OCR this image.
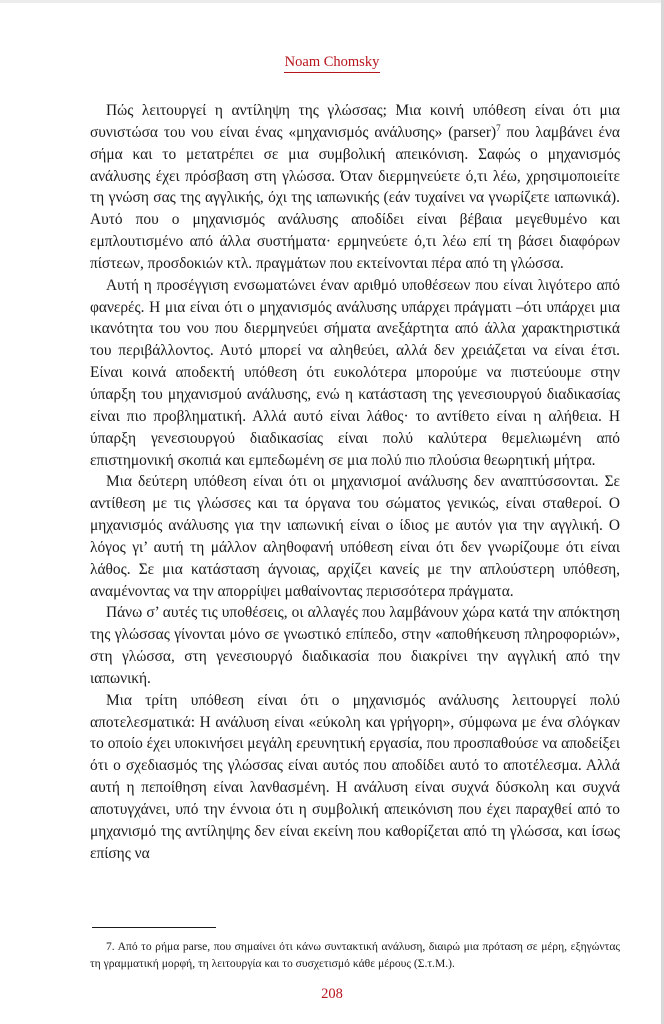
Noam Chomsky

Πώς λειτουργεί η αντίληψη της γλώσσας; Μια κοινή υπόθεση είναι ότι μια συνιστώσα του νου είναι ένας «μηχανισμός ανάλυσης» (parser)$^7$ που λαμβάνει ένα σήμα και το μετατρέπει σε μια συμβολική απεικόνιση. Σαφώς ο μηχανισμός ανάλυσης έχει πρόσβαση στη γλώσσα. Όταν διερμηνεύετε ό,τι λέω, χρησιμοποιείτε τη γνώση σας της αγγλικής, όχι της ιαπωνικής (εάν τυχαίνει να γνωρίζετε ιαπωνικά). Αυτό που ο μηχανισμός ανάλυσης αποδίδει είναι βέβαια μεγεθυμένο και εμπλουτισμένο από άλλα συστήματα· ερμηνεύετε ό,τι λέω επί τη βάσει διαφόρων πίστεων, προσδοκιών κτλ. πραγμάτων που εκτείνονται πέρα από τη γλώσσα.

Αυτή η προσέγγιση ενσωματώνει έναν αριθμό υποθέσεων που είναι λιγότερο από φανερές. Η μια είναι ότι ο μηχανισμός ανάλυσης υπάρχει πράγματι –ότι υπάρχει μια ικανότητα του νου που διερμηνεύει σήματα ανεξάρτητα από άλλα χαρακτηριστικά του περιβάλλοντος. Αυτό μπορεί να αληθεύει, αλλά δεν χρειάζεται να είναι έτσι. Είναι κοινά αποδεκτή υπόθεση ότι ευκολότερα μπορούμε να πιστεύουμε στην ύπαρξη του μηχανισμού ανάλυσης, ενώ η κατάσταση της γενεσιουργού διαδικασίας είναι πιο προβληματική. Αλλά αυτό είναι λάθος· το αντίθετο είναι η αλήθεια. Η ύπαρξη γενεσιουργού διαδικασίας είναι πολύ καλύτερα θεμελιωμένη από επιστημονική σκοπιά και εμπεδωμένη σε μια πολύ πιο πλούσια θεωρητική μήτρα.

Μια δεύτερη υπόθεση είναι ότι οι μηχανισμοί ανάλυσης δεν αναπτύσσονται. Σε αντίθεση με τις γλώσσες και τα όργανα του σώματος γενικώς, είναι σταθεροί. Ο μηχανισμός ανάλυσης για την ιαπωνική είναι ο ίδιος με αυτόν για την αγγλική. Ο λόγος γι’ αυτή τη μάλλον αληθοφανή υπόθεση είναι ότι δεν γνωρίζουμε ότι είναι λάθος. Σε μια κατάσταση άγνοιας, αρχίζει κανείς με την απλούστερη υπόθεση, αναμένοντας να την απορρίψει μαθαίνοντας περισσότερα πράγματα.

Πάνω σ’ αυτές τις υποθέσεις, οι αλλαγές που λαμβάνουν χώρα κατά την απόκτηση της γλώσσας γίνονται μόνο σε γνωστικό επίπεδο, στην «αποθήκευση πληροφοριών», στη γλώσσα, στη γενεσιουργό διαδικασία που διακρίνει την αγγλική από την ιαπωνική.

Μια τρίτη υπόθεση είναι ότι ο μηχανισμός ανάλυσης λειτουργεί πολύ αποτελεσματικά: Η ανάλυση είναι «εύκολη και γρήγορη», σύμφωνα με ένα σλόγκαν το οποίο έχει υποκινήσει μεγάλη ερευνητική εργασία, που προσπαθούσε να αποδείξει ότι ο σχεδιασμός της γλώσσας είναι αυτός που αποδίδει αυτό το αποτέλεσμα. Αλλά αυτή η πεποίθηση είναι λανθασμένη. Η ανάλυση είναι συχνά δύσκολη και συχνά αποτυγχάνει, υπό την έννοια ότι η συμβολική απεικόνιση που έχει παραχθεί από το μηχανισμό της αντίληψης δεν είναι εκείνη που καθορίζεται από τη γλώσσα, και ίσως επίσης να

7. Από το ρήμα parse, που σημαίνει ότι κάνω συντακτική ανάλυση, διαιρώ μια πρόταση σε μέρη, εξηγώντας τη γραμματική μορφή, τη λειτουργία και το συσχετισμό κάθε μέρους (Σ.τ.Μ.).

208
